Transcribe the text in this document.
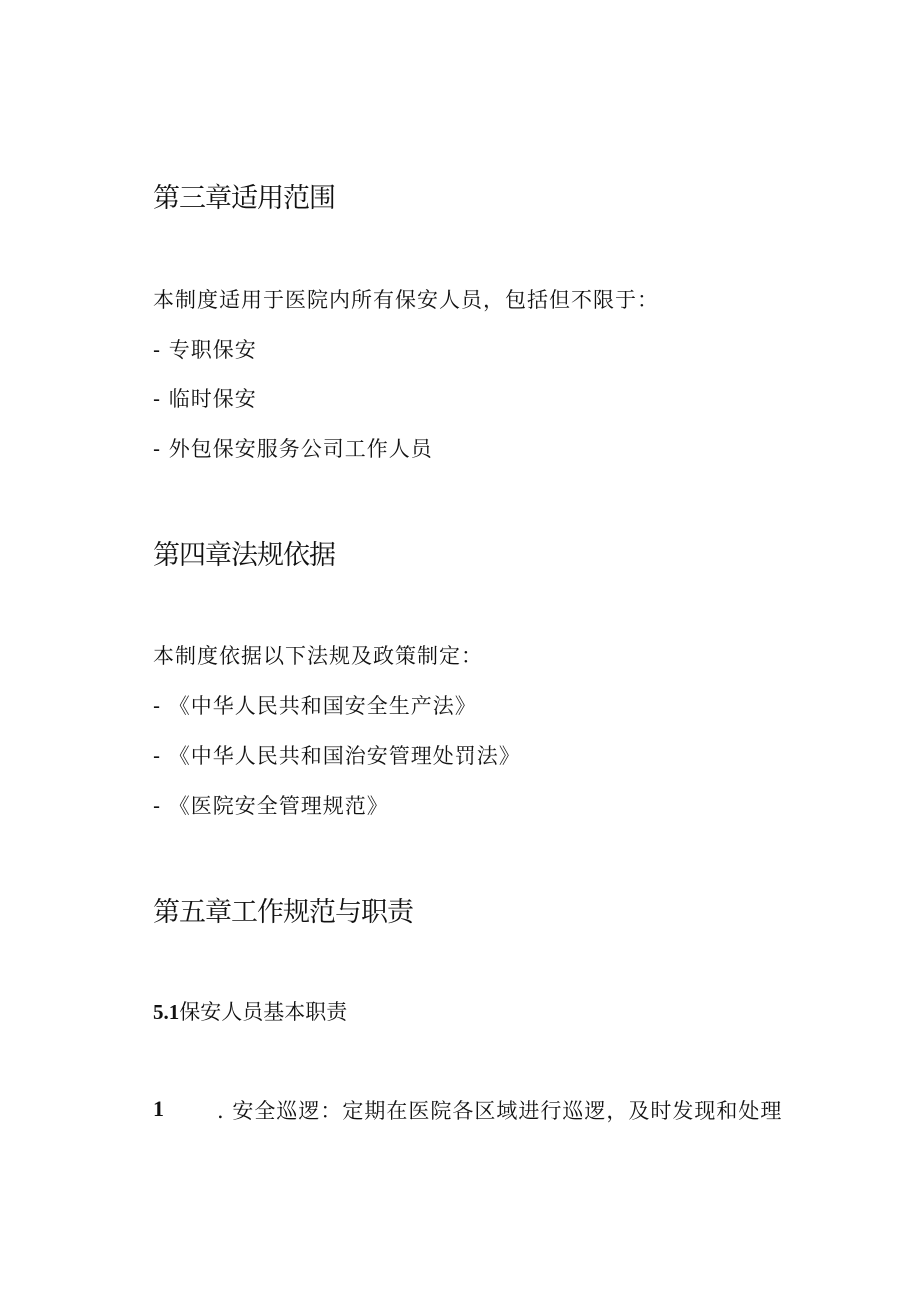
第三章适用范围

本制度适用于医院内所有保安人员，包括但不限于：

- 专职保安

- 临时保安

- 外包保安服务公司工作人员

第四章法规依据

本制度依据以下法规及政策制定：

- 《中华人民共和国安全生产法》

- 《中华人民共和国治安管理处罚法》

- 《医院安全管理规范》

第五章工作规范与职责
5.1保安人员基本职责
1	. 安全巡逻：定期在医院各区域进行巡逻，及时发现和处理
